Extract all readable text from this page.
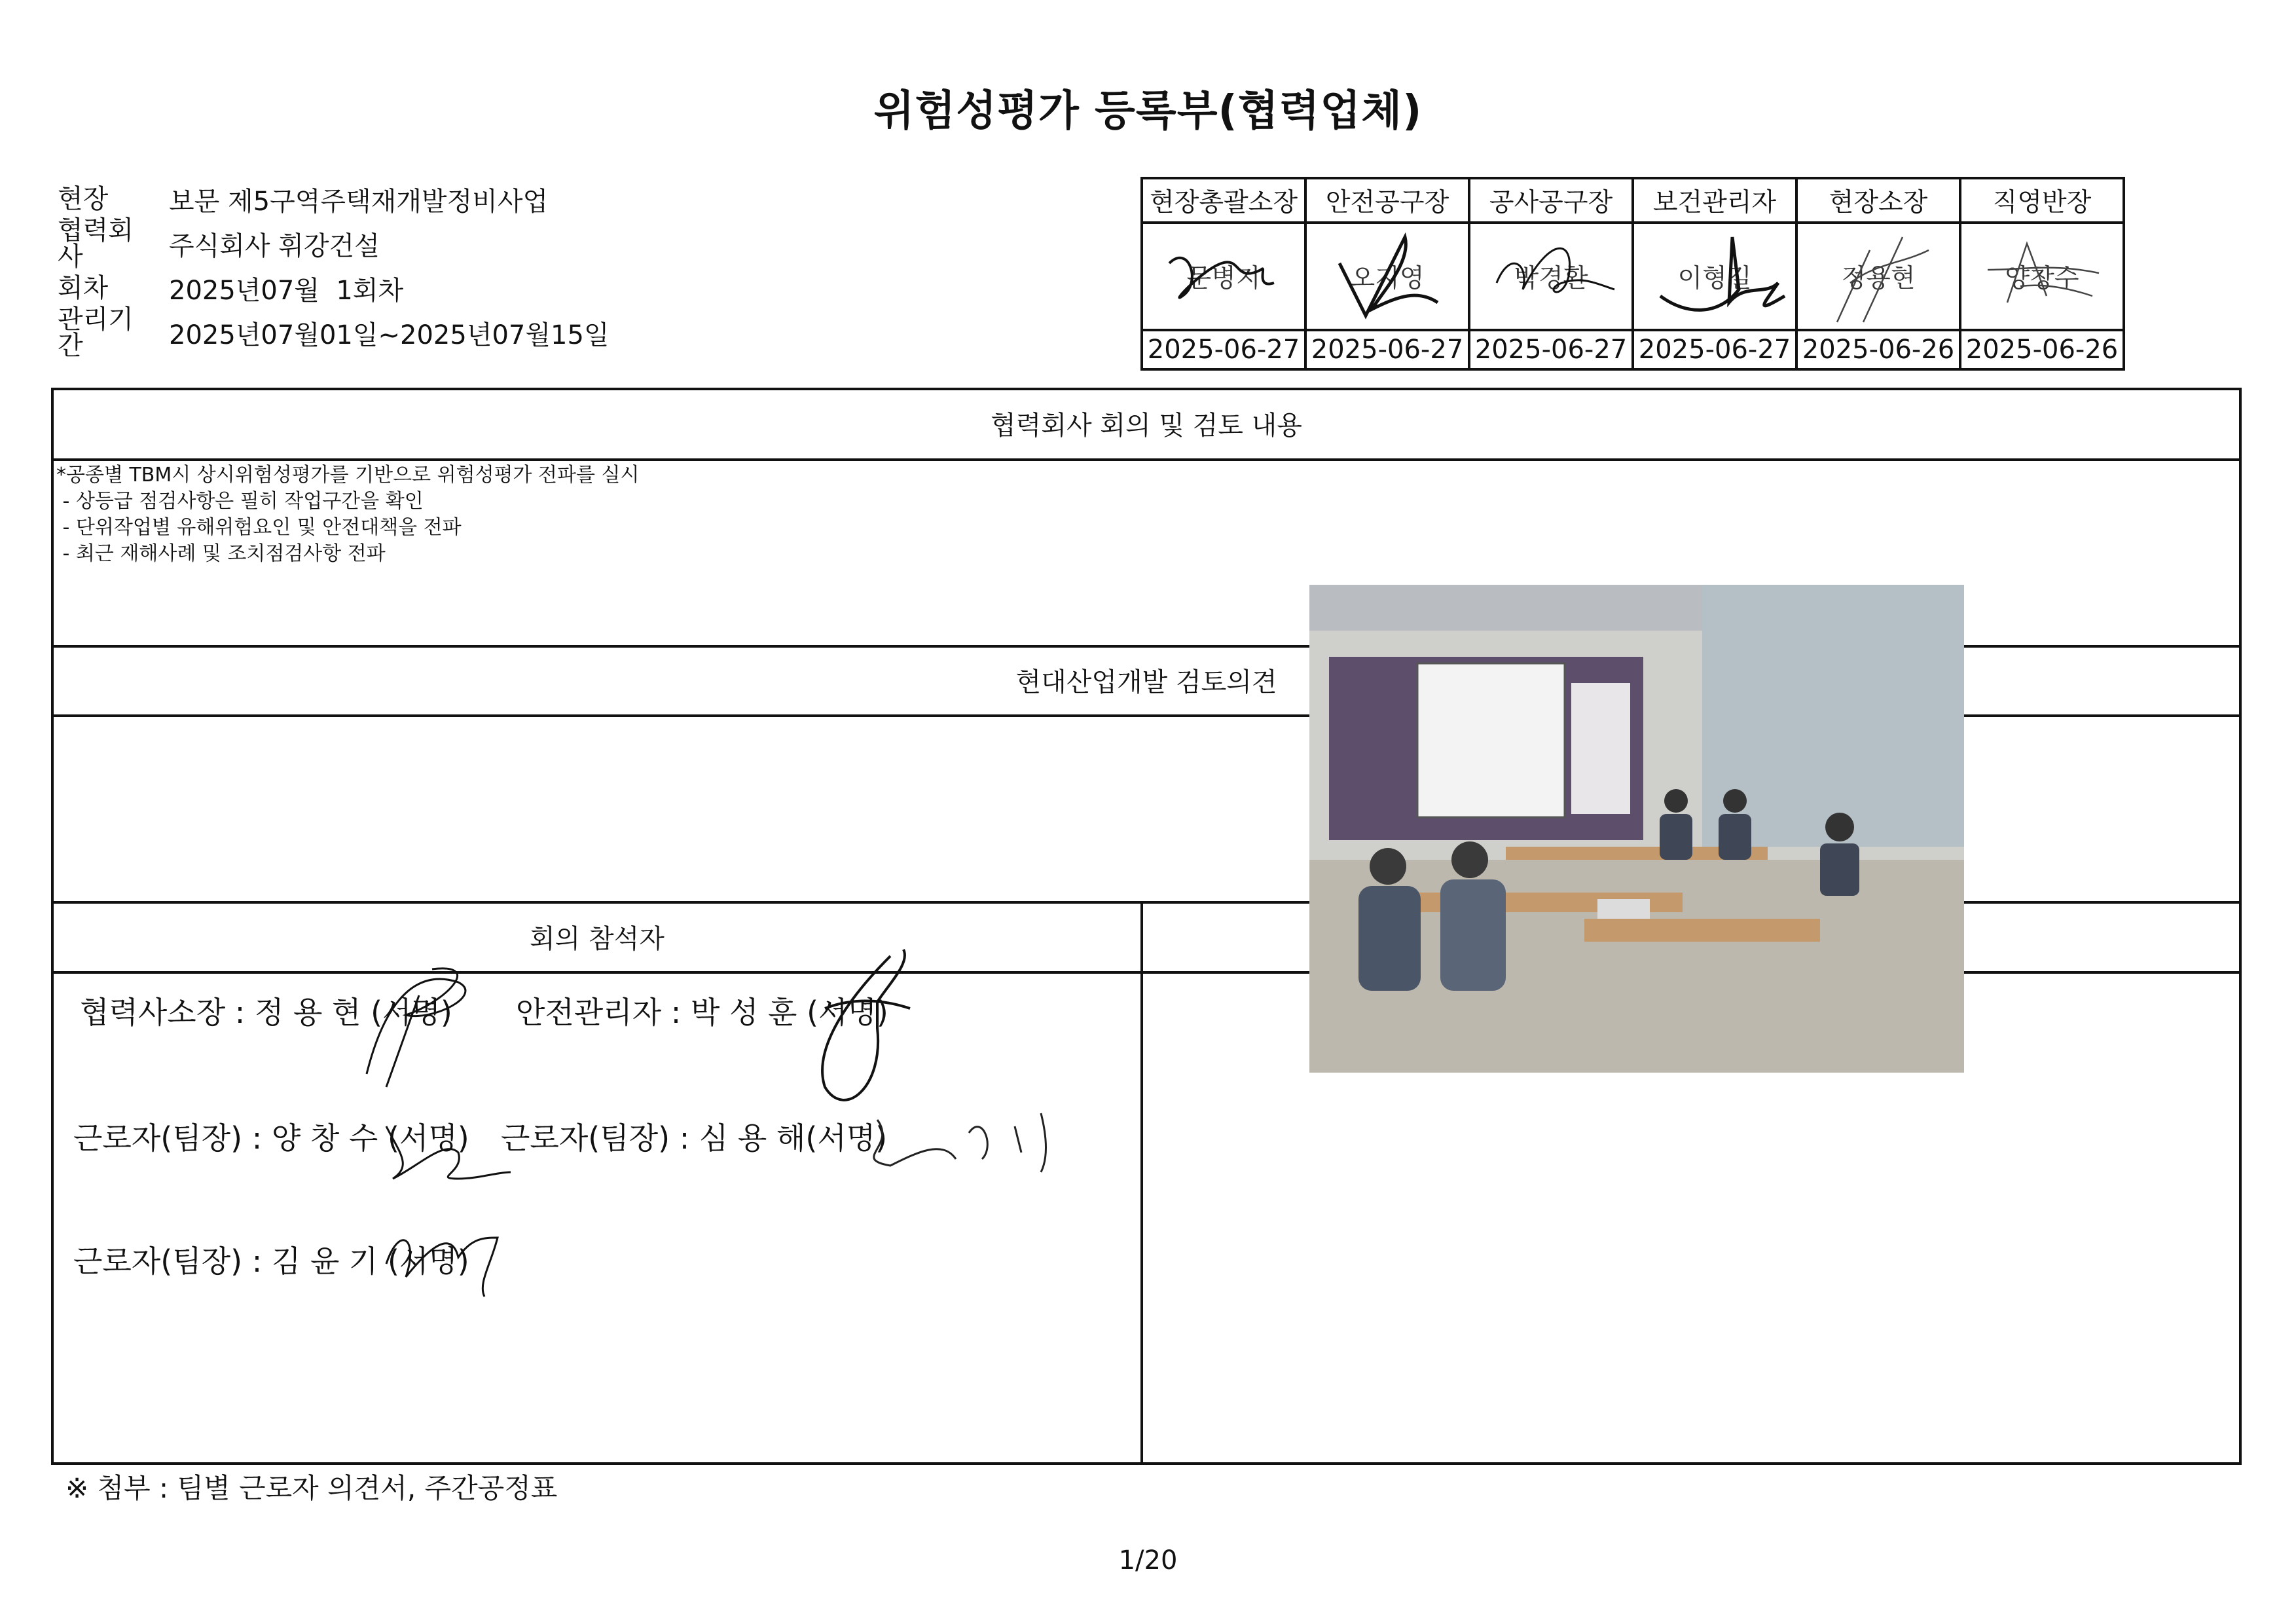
위험성평가 등록부(협력업체)
현장	보문 제5구역주택재개발정비사업
협력회사	주식회사 휘강건설
회차	2025년07월  1회차
관리기간	2025년07월01일~2025년07월15일
현장총괄소장	안전공구장	공사공구장	보건관리자	현장소장	직영반장
문병지	오지영	박경환	이형길	정용현	양창수

2025-06-27	2025-06-27	2025-06-27	2025-06-27	2025-06-26	2025-06-26
협력회사 회의 및 검토 내용
*공종별 TBM시 상시위험성평가를 기반으로 위험성평가 전파를 실시
- 상등급 점검사항은 필히 작업구간을 확인
- 단위작업별 유해위험요인 및 안전대책을 전파
- 최근 재해사례 및 조치점검사항 전파
현대산업개발 검토의견
회의 참석자
협력사소장 : 정 용 현 (서명) 안전관리자 : 박 성 훈 (서명)
근로자(팀장) : 양 창 수 (서명) 근로자(팀장) : 심 용 해(서명)
근로자(팀장) : 김 윤 기 (서명)
※ 첨부 : 팀별 근로자 의견서, 주간공정표
1/20
